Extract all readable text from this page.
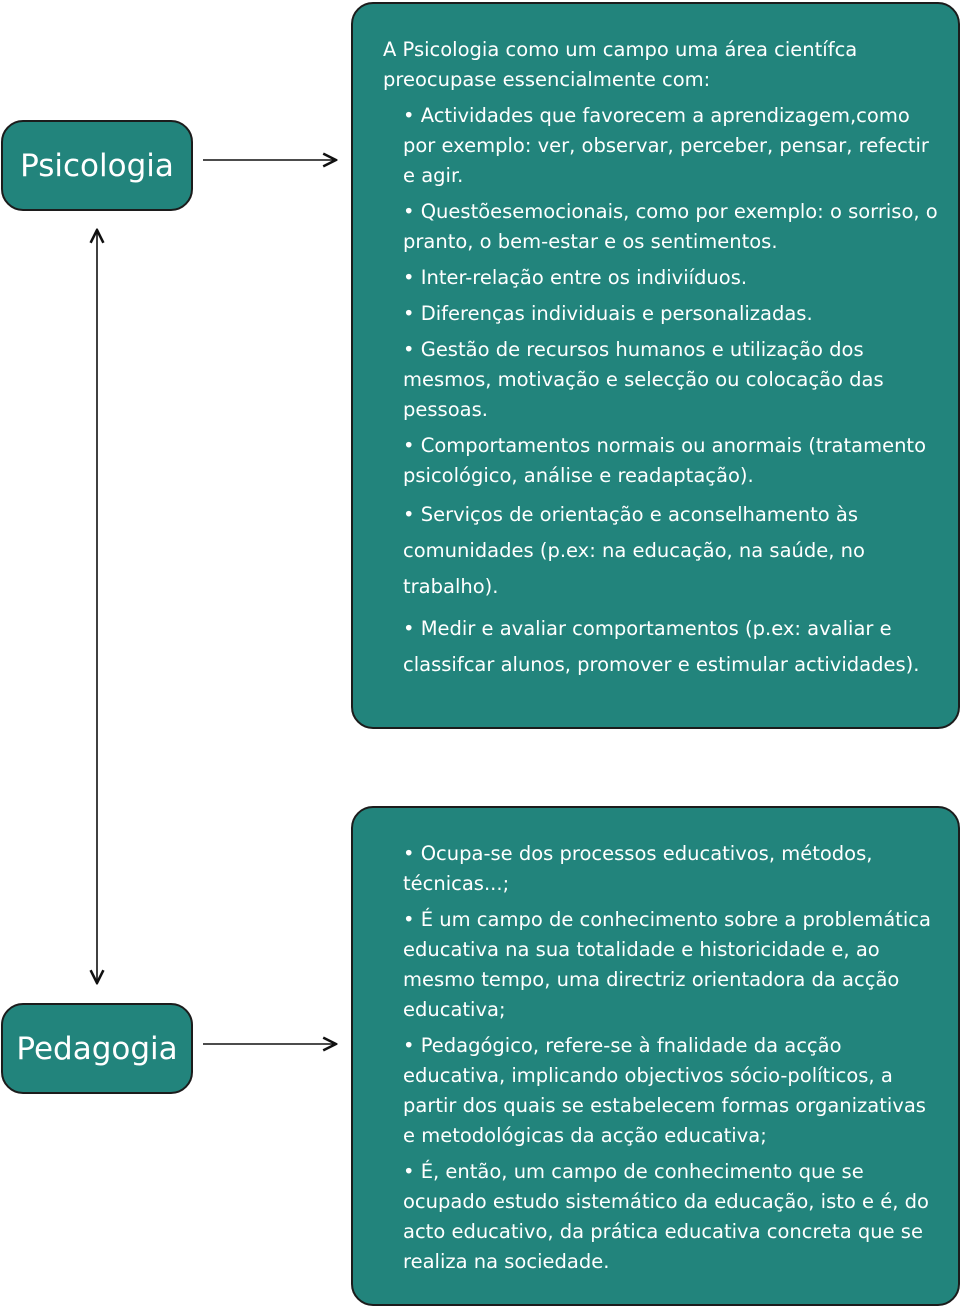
Psicologia
Pedagogia

A Psicologia como um campo uma área científca preocupase essencialmente com:

• Actividades que favorecem a aprendizagem,como por exemplo: ver, observar, perceber, pensar, refectir e agir.
• Questõesemocionais, como por exemplo: o sorriso, o pranto, o bem-estar e os sentimentos.
• Inter-relação entre os indiviíduos.
• Diferenças individuais e personalizadas.
• Gestão de recursos humanos e utilização dos mesmos, motivação e selecção ou colocação das pessoas.
• Comportamentos normais ou anormais (tratamento psicológico, análise e readaptação).
• Serviços de orientação e aconselhamento às comunidades (p.ex: na educação, na saúde, no trabalho).
• Medir e avaliar comportamentos (p.ex: avaliar e classifcar alunos, promover e estimular actividades).
• Ocupa-se dos processos educativos, métodos, técnicas...;
• É um campo de conhecimento sobre a problemática educativa na sua totalidade e historicidade e, ao mesmo tempo, uma directriz orientadora da acção educativa;
• Pedagógico, refere-se à fnalidade da acção educativa, implicando objectivos sócio-políticos, a partir dos quais se estabelecem formas organizativas e metodológicas da acção educativa;
• É, então, um campo de conhecimento que se ocupado estudo sistemático da educação, isto e é, do acto educativo, da prática educativa concreta que se realiza na sociedade.
